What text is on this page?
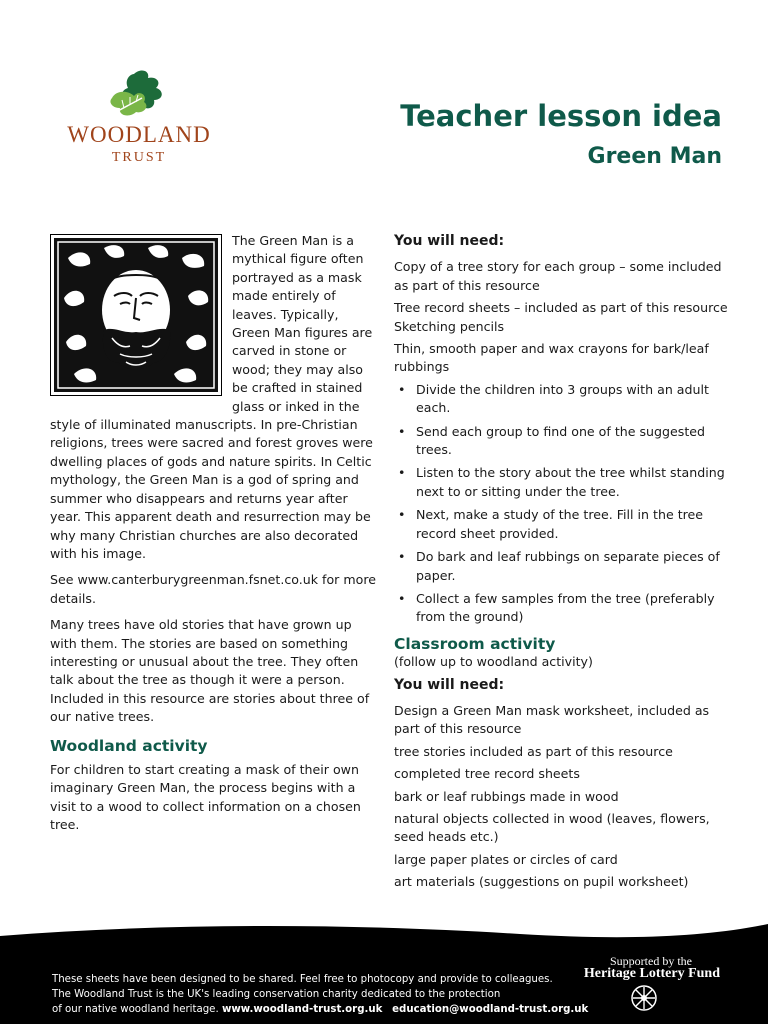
WOODLAND
TRUST
Teacher lesson idea
Green Man

The Green Man is a mythical figure often portrayed as a mask made entirely of leaves. Typically, Green Man figures are carved in stone or wood; they may also be crafted in stained glass or inked in the style of illuminated manuscripts. In pre-Christian religions, trees were sacred and forest groves were dwelling places of gods and nature spirits. In Celtic mythology, the Green Man is a god of spring and summer who disappears and returns year after year. This apparent death and resurrection may be why many Christian churches are also decorated with his image.

See www.canterburygreenman.fsnet.co.uk for more details.

Many trees have old stories that have grown up with them. The stories are based on something interesting or unusual about the tree. They often talk about the tree as though it were a person. Included in this resource are stories about three of our native trees.

Woodland activity

For children to start creating a mask of their own imaginary Green Man, the process begins with a visit to a wood to collect information on a chosen tree.

You will need:

Copy of a tree story for each group – some included as part of this resource

Tree record sheets – included as part of this resource

Sketching pencils

Thin, smooth paper and wax crayons for bark/leaf rubbings

• Divide the children into 3 groups with an adult each.
• Send each group to find one of the suggested trees.
• Listen to the story about the tree whilst standing next to or sitting under the tree.
• Next, make a study of the tree. Fill in the tree record sheet provided.
• Do bark and leaf rubbings on separate pieces of paper.
• Collect a few samples from the tree (preferably from the ground)
Classroom activity

(follow up to woodland activity)

You will need:

Design a Green Man mask worksheet, included as part of this resource

tree stories included as part of this resource

completed tree record sheets

bark or leaf rubbings made in wood

natural objects collected in wood (leaves, flowers, seed heads etc.)

large paper plates or circles of card

art materials (suggestions on pupil worksheet)

These sheets have been designed to be shared. Feel free to photocopy and provide to colleagues.
The Woodland Trust is the UK's leading conservation charity dedicated to the protection
of our native woodland heritage. www.woodland-trust.org.uk education@woodland-trust.org.uk
Supported by the
Heritage Lottery Fund
